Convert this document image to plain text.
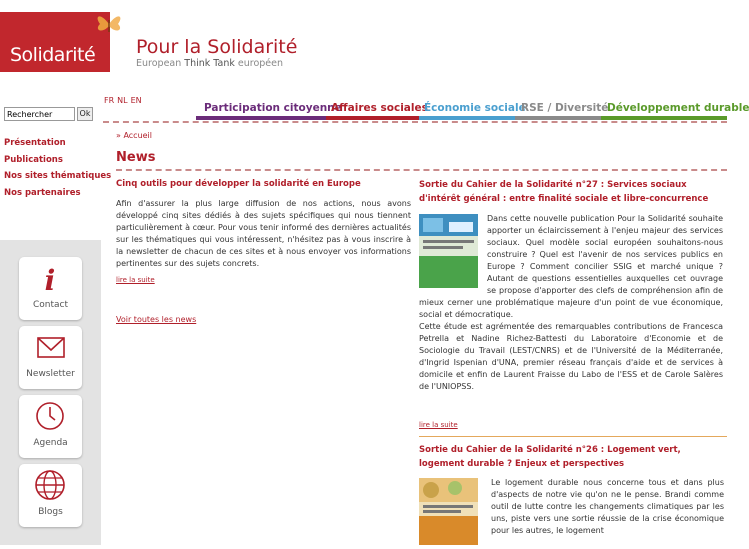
Solidarité Pour la Solidarité
European Think Tank européen
Rechercher
Ok
Présentation
Publications
Nos sites thématiques
Nos partenaires
i
Contact
Newsletter
Agenda
Blogs
FR NL EN
Participation citoyenne
Affaires sociales
Économie sociale
RSE / Diversité
Développement durable
» Accueil
News
Cinq outils pour développer la solidarité en Europe
Afin d'assurer la plus large diffusion de nos actions, nous avons développé cinq sites dédiés à des sujets spécifiques qui nous tiennent particulièrement à cœur. Pour vous tenir informé des dernières actualités sur les thématiques qui vous intéressent, n'hésitez pas à vous inscrire à la newsletter de chacun de ces sites et à nous envoyer vos informations pertinentes sur des sujets concrets.
lire la suite
Voir toutes les news
Sortie du Cahier de la Solidarité n°27 : Services sociaux d'intérêt général : entre finalité sociale et libre-concurrence
Dans cette nouvelle publication Pour la Solidarité souhaite apporter un éclaircissement à l'enjeu majeur des services sociaux. Quel modèle social européen souhaitons-nous construire ? Quel est l'avenir de nos services publics en Europe ? Comment concilier SSIG et marché unique ? Autant de questions essentielles auxquelles cet ouvrage se propose d'apporter des clefs de compréhension afin de mieux cerner une problématique majeure d'un point de vue économique, social et démocratique.
Cette étude est agrémentée des remarquables contributions de Francesca Petrella et Nadine Richez-Battesti du Laboratoire d'Economie et de Sociologie du Travail (LEST/CNRS) et de l'Université de la Méditerranée, d'Ingrid Ispenian d'UNA, premier réseau français d'aide et de services à domicile et enfin de Laurent Fraisse du Labo de l'ESS et de Carole Salères de l'UNIOPSS.
lire la suite
Sortie du Cahier de la Solidarité n°26 : Logement vert, logement durable ? Enjeux et perspectives
Le logement durable nous concerne tous et dans plus d'aspects de notre vie qu'on ne le pense. Brandi comme outil de lutte contre les changements climatiques par les uns, piste vers une sortie réussie de la crise économique pour les autres, le logement
